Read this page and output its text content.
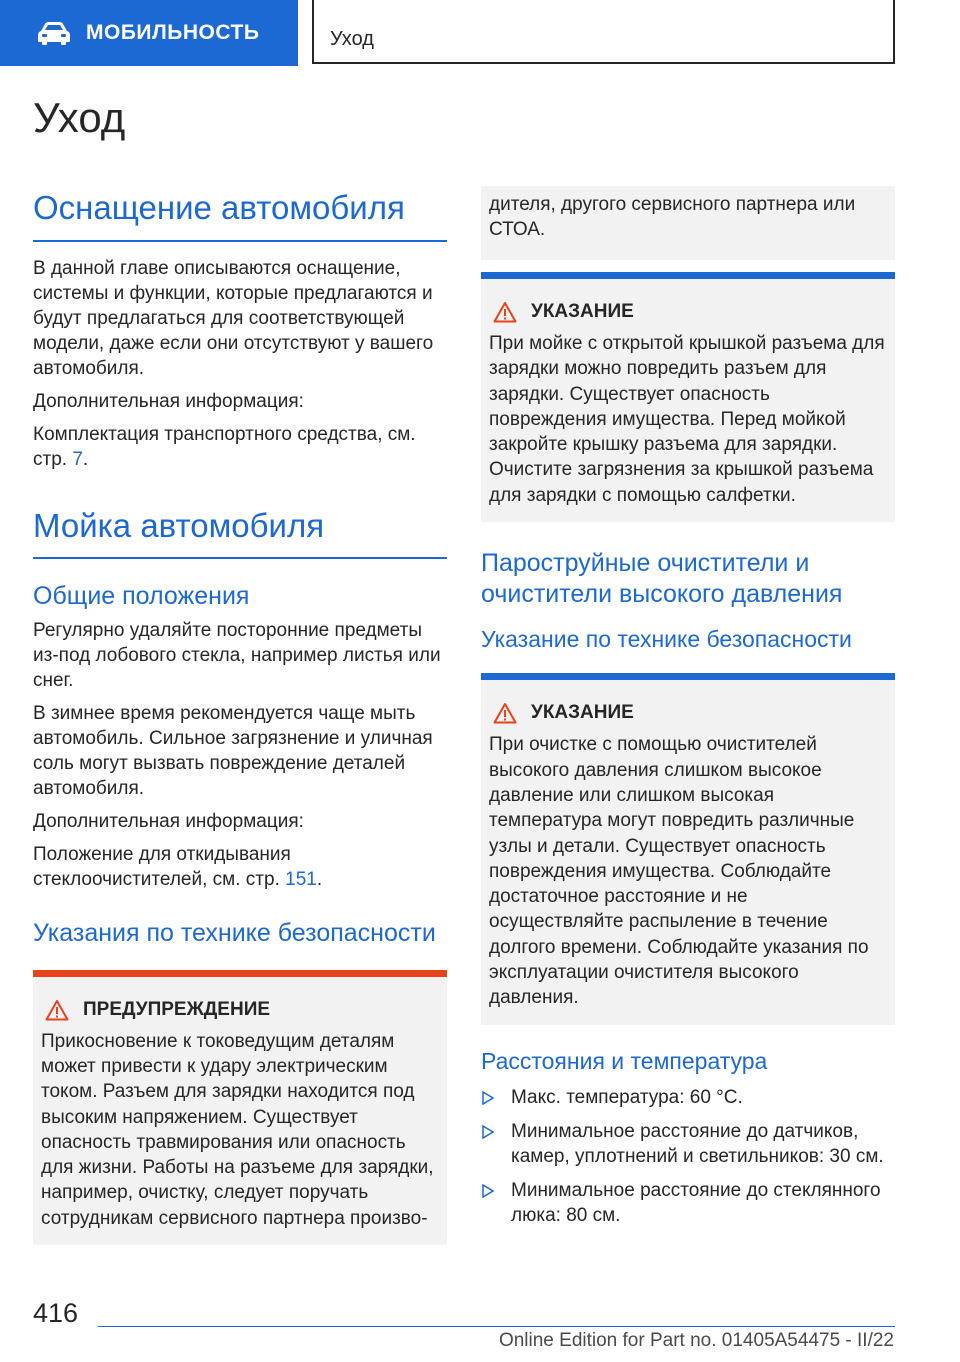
МОБИЛЬНОСТЬ	Уход
Уход
Оснащение автомобиля

В данной главе описываются оснащение, системы и функции, которые предлагаются и будут предлагаться для соответствующей модели, даже если они отсутствуют у вашего автомобиля.

Дополнительная информация:

Комплектация транспортного средства, см. стр. 7.

Мойка автомобиля
Общие положения

Регулярно удаляйте посторонние предметы из-под лобового стекла, например листья или снег.

В зимнее время рекомендуется чаще мыть автомобиль. Сильное загрязнение и уличная соль могут вызвать повреждение деталей автомобиля.

Дополнительная информация:

Положение для откидывания стеклоочистителей, см. стр. 151.

Указания по технике безопасности
ПРЕДУПРЕЖДЕНИЕ

Прикосновение к токоведущим деталям может привести к удару электрическим током. Разъем для зарядки находится под высоким напряжением. Существует опасность травмирования или опасность для жизни. Работы на разъеме для зарядки, например, очистку, следует поручать сотрудникам сервисного партнера произво-

дителя, другого сервисного партнера или СТОА.

УКАЗАНИЕ

При мойке с открытой крышкой разъема для зарядки можно повредить разъем для зарядки. Существует опасность повреждения имущества. Перед мойкой закройте крышку разъема для зарядки. Очистите загрязнения за крышкой разъема для зарядки с помощью салфетки.

Пароструйные очистители и очистители высокого давления
Указание по технике безопасности
УКАЗАНИЕ

При очистке с помощью очистителей высокого давления слишком высокое давление или слишком высокая температура могут повредить различные узлы и детали. Существует опасность повреждения имущества. Соблюдайте достаточное расстояние и не осуществляйте распыление в течение долгого времени. Соблюдайте указания по эксплуатации очистителя высокого давления.

Расстояния и температура
Макс. температура: 60 °C.
Минимальное расстояние до датчиков, камер, уплотнений и светильников: 30 см.
Минимальное расстояние до стеклянного люка: 80 см.
416
Online Edition for Part no. 01405A54475 - II/22
